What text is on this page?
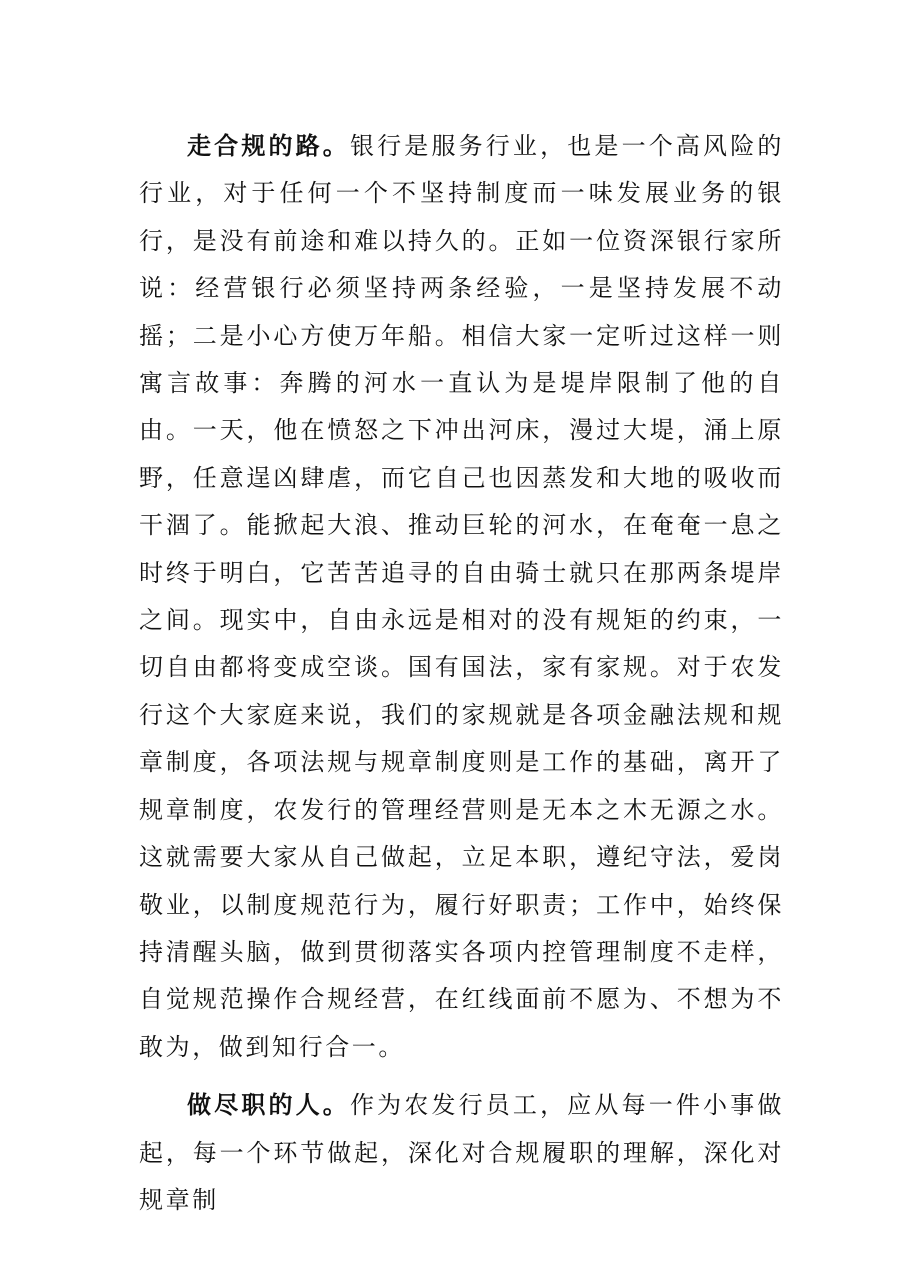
走合规的路。银行是服务行业，也是一个高风险的行业，对于任何一个不坚持制度而一味发展业务的银行，是没有前途和难以持久的。正如一位资深银行家所说：经营银行必须坚持两条经验，一是坚持发展不动摇；二是小心方使万年船。相信大家一定听过这样一则寓言故事：奔腾的河水一直认为是堤岸限制了他的自由。一天，他在愤怒之下冲出河床，漫过大堤，涌上原野，任意逞凶肆虐，而它自己也因蒸发和大地的吸收而干涸了。能掀起大浪、推动巨轮的河水，在奄奄一息之时终于明白，它苦苦追寻的自由骑士就只在那两条堤岸之间。现实中，自由永远是相对的没有规矩的约束，一切自由都将变成空谈。国有国法，家有家规。对于农发行这个大家庭来说，我们的家规就是各项金融法规和规章制度，各项法规与规章制度则是工作的基础，离开了规章制度，农发行的管理经营则是无本之木无源之水。这就需要大家从自己做起，立足本职，遵纪守法，爱岗敬业，以制度规范行为，履行好职责；工作中，始终保持清醒头脑，做到贯彻落实各项内控管理制度不走样，自觉规范操作合规经营，在红线面前不愿为、不想为不敢为，做到知行合一。

做尽职的人。作为农发行员工，应从每一件小事做起，每一个环节做起，深化对合规履职的理解，深化对规章制
